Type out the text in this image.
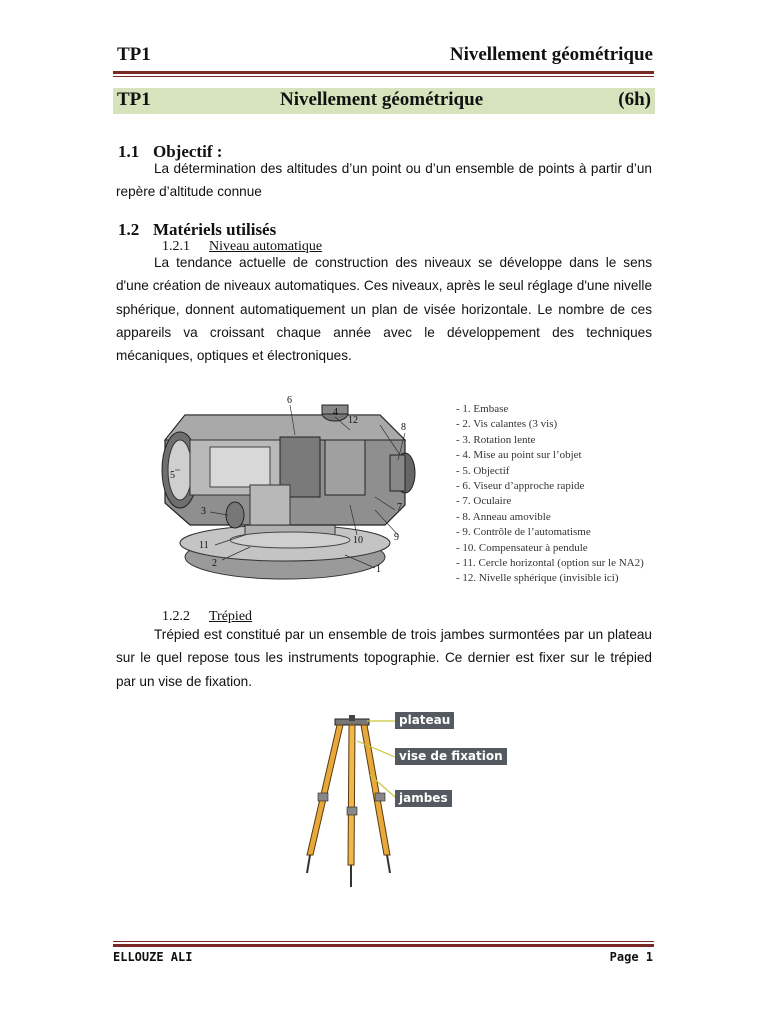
TP1	Nivellement géométrique
TP1	Nivellement géométrique	(6h)
1.1 Objectif :
La détermination des altitudes d’un point ou d’un ensemble de points à partir d’un repère d’altitude connue
1.2 Matériels utilisés
1.2.1 Niveau automatique
La tendance actuelle de construction des niveaux se développe dans le sens d'une création de niveaux automatiques. Ces niveaux, après le seul réglage d'une nivelle sphérique, donnent automatiquement un plan de visée horizontale. Le nombre de ces appareils va croissant chaque année avec le développement des techniques mécaniques, optiques et électroniques.
6
4
12
8
5
3
11
2
1
7
9
10
- 1. Embase
- 2. Vis calantes (3 vis)
- 3. Rotation lente
- 4. Mise au point sur l’objet
- 5. Objectif
- 6. Viseur d’approche rapide
- 7. Oculaire
- 8. Anneau amovible
- 9. Contrôle de l’automatisme
- 10. Compensateur à pendule
- 11. Cercle horizontal (option sur le NA2)
- 12. Nivelle sphérique (invisible ici)
1.2.2 Trépied
Trépied est constitué par un ensemble de trois jambes surmontées par un plateau sur le quel repose tous les instruments topographie. Ce dernier est fixer sur le trépied par un vise de fixation.
plateau
vise de fixation
jambes
ELLOUZE ALI	Page 1
